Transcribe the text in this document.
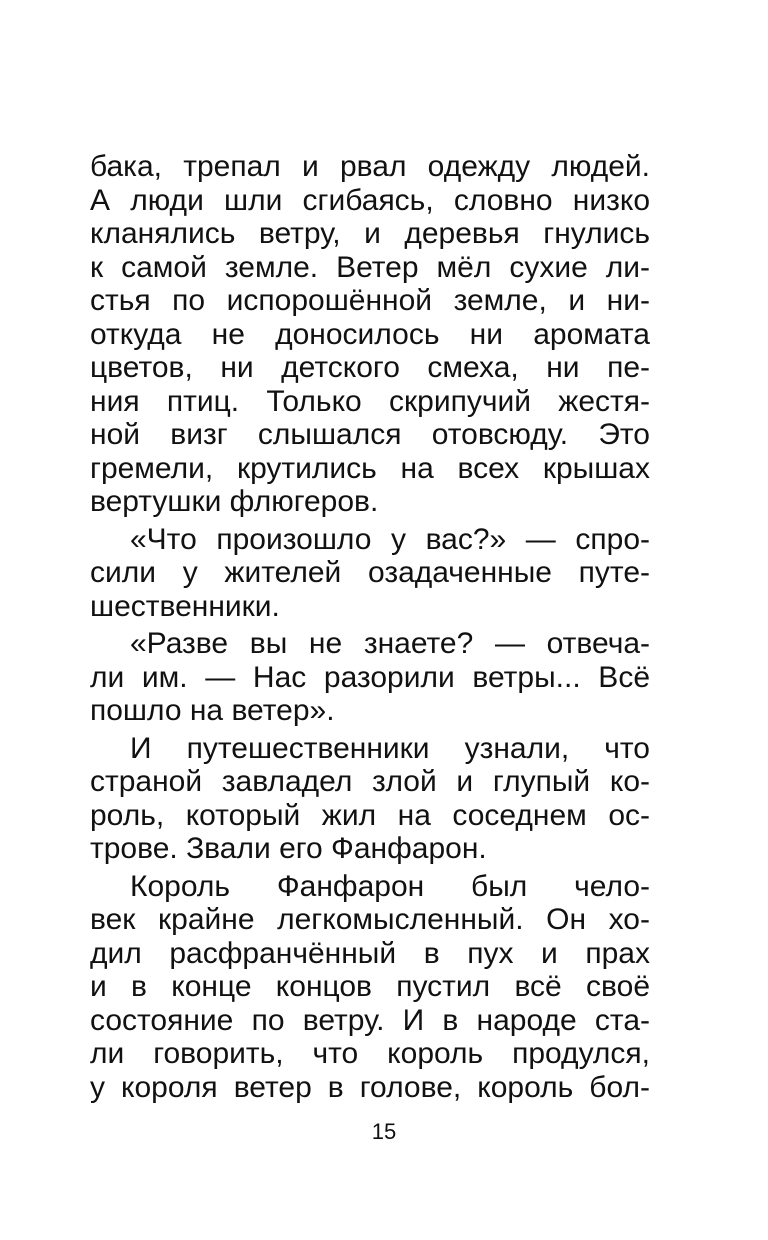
бака, трепал и рвал одежду людей.
А люди шли сгибаясь, словно низко
кланялись ветру, и деревья гнулись
к самой земле. Ветер мёл сухие ли-
стья по испорошённой земле, и ни-
откуда не доносилось ни аромата
цветов, ни детского смеха, ни пе-
ния птиц. Только скрипучий жестя-
ной визг слышался отовсюду. Это
гремели, крутились на всех крышах
вертушки флюгеров.
«Что произошло у вас?» — спро-
сили у жителей озадаченные путе-
шественники.
«Разве вы не знаете? — отвеча-
ли им. — Нас разорили ветры... Всё
пошло на ветер».
И путешественники узнали, что
страной завладел злой и глупый ко-
роль, который жил на соседнем ос-
трове. Звали его Фанфарон.
Король Фанфарон был чело-
век крайне легкомысленный. Он хо-
дил расфранчённый в пух и прах
и в конце концов пустил всё своё
состояние по ветру. И в народе ста-
ли говорить, что король продулся,
у короля ветер в голове, король бол-
15
